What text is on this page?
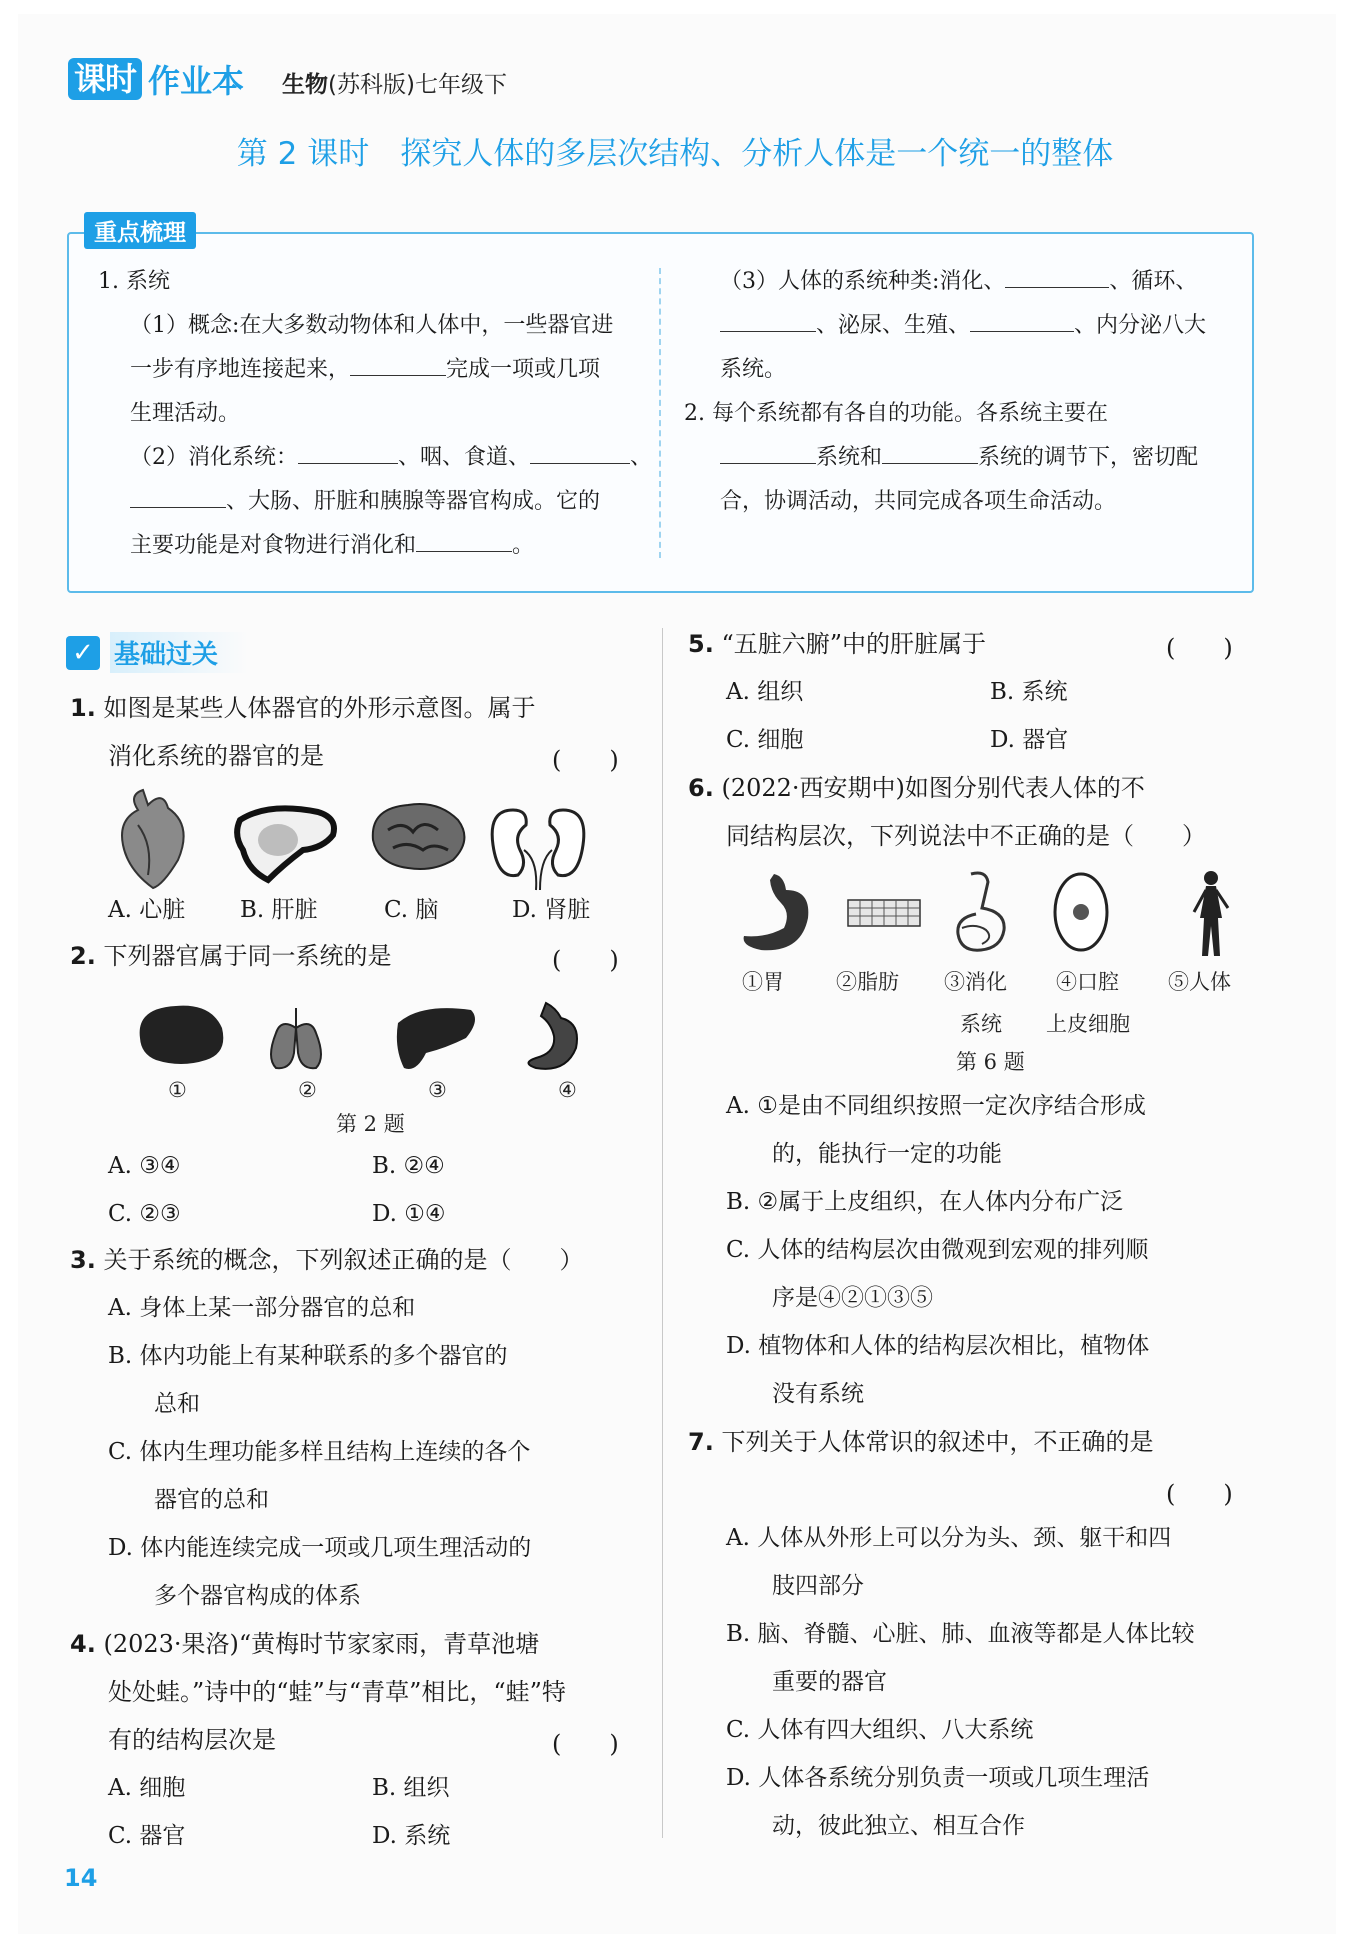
课时 作业本 生物(苏科版)七年级下
第 2 课时　探究人体的多层次结构、分析人体是一个统一的整体
重点梳理
1. 系统
（1）概念:在大多数动物体和人体中，一些器官进
一步有序地连接起来，	完成一项或几项
生理活动。
（2）消化系统：	、咽、食道、	、
、大肠、肝脏和胰腺等器官构成。它的
主要功能是对食物进行消化和	。
（3）人体的系统种类:消化、	、循环、
、泌尿、生殖、	、内分泌八大
系统。
2. 每个系统都有各自的功能。各系统主要在
系统和	系统的调节下，密切配
合，协调活动，共同完成各项生命活动。
✓ 基础过关
1. 如图是某些人体器官的外形示意图。属于
消化系统的器官的是	(　　)
A. 心脏 B. 肝脏	C. 脑	D. 肾脏
2. 下列器官属于同一系统的是	(　　)
①	②	③	④
第 2 题
A. ③④	B. ②④
C. ②③	D. ①④
3. 关于系统的概念，下列叙述正确的是（　　）
A. 身体上某一部分器官的总和
B. 体内功能上有某种联系的多个器官的
总和
C. 体内生理功能多样且结构上连续的各个
器官的总和
D. 体内能连续完成一项或几项生理活动的
多个器官构成的体系
4. (2023·果洛)“黄梅时节家家雨，青草池塘
处处蛙。”诗中的“蛙”与“青草”相比，“蛙”特
有的结构层次是	(　　)
A. 细胞	B. 组织
C. 器官	D. 系统
5. “五脏六腑”中的肝脏属于	(　　)
A. 组织	B. 系统
C. 细胞	D. 器官
6. (2022·西安期中)如图分别代表人体的不
同结构层次，下列说法中不正确的是（　　）
①胃 ②脂肪 ③消化 ④口腔 ⑤人体
系统 上皮细胞
第 6 题
A. ①是由不同组织按照一定次序结合形成
的，能执行一定的功能
B. ②属于上皮组织，在人体内分布广泛
C. 人体的结构层次由微观到宏观的排列顺
序是④②①③⑤
D. 植物体和人体的结构层次相比，植物体
没有系统
7. 下列关于人体常识的叙述中，不正确的是
(　　)
A. 人体从外形上可以分为头、颈、躯干和四
肢四部分
B. 脑、脊髓、心脏、肺、血液等都是人体比较
重要的器官
C. 人体有四大组织、八大系统
D. 人体各系统分别负责一项或几项生理活
动，彼此独立、相互合作
14
